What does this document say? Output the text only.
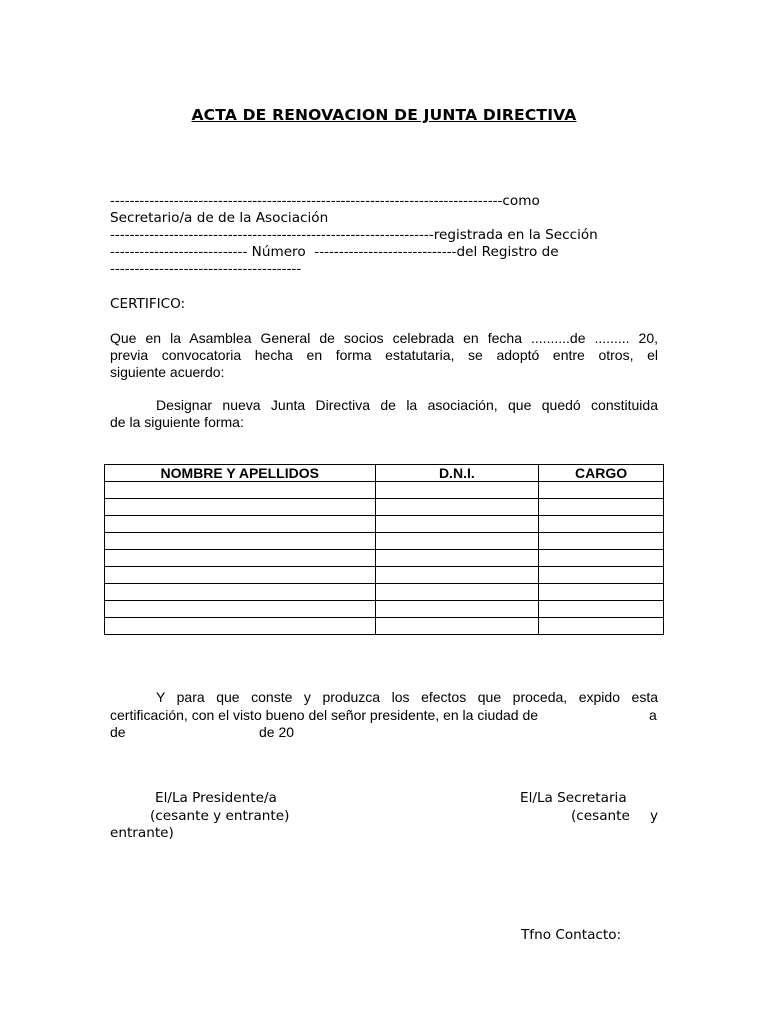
ACTA DE RENOVACION DE JUNTA DIRECTIVA
--------------------------------------------------------------------------------como
Secretario/a de de la Asociación
------------------------------------------------------------------registrada en la Sección
---------------------------- Número  -----------------------------del Registro de
---------------------------------------
CERTIFICO:
Que en la Asamblea General de socios celebrada en fecha ..........de ......... 20,
previa convocatoria hecha en forma estatutaria, se adoptó entre otros, el
siguiente acuerdo:
Designar nueva Junta Directiva de la asociación, que quedó constituida
de la siguiente forma:
NOMBRE Y APELLIDOS	D.N.I.	CARGO

Y para que conste y produzca los efectos que proceda, expido esta
certificación, con el visto bueno del señor presidente, en la ciudad de	a
de	de 20
El/La Presidente/a
(cesante y entrante)
El/La Secretaria
(cesante y
entrante)
Tfno Contacto:
